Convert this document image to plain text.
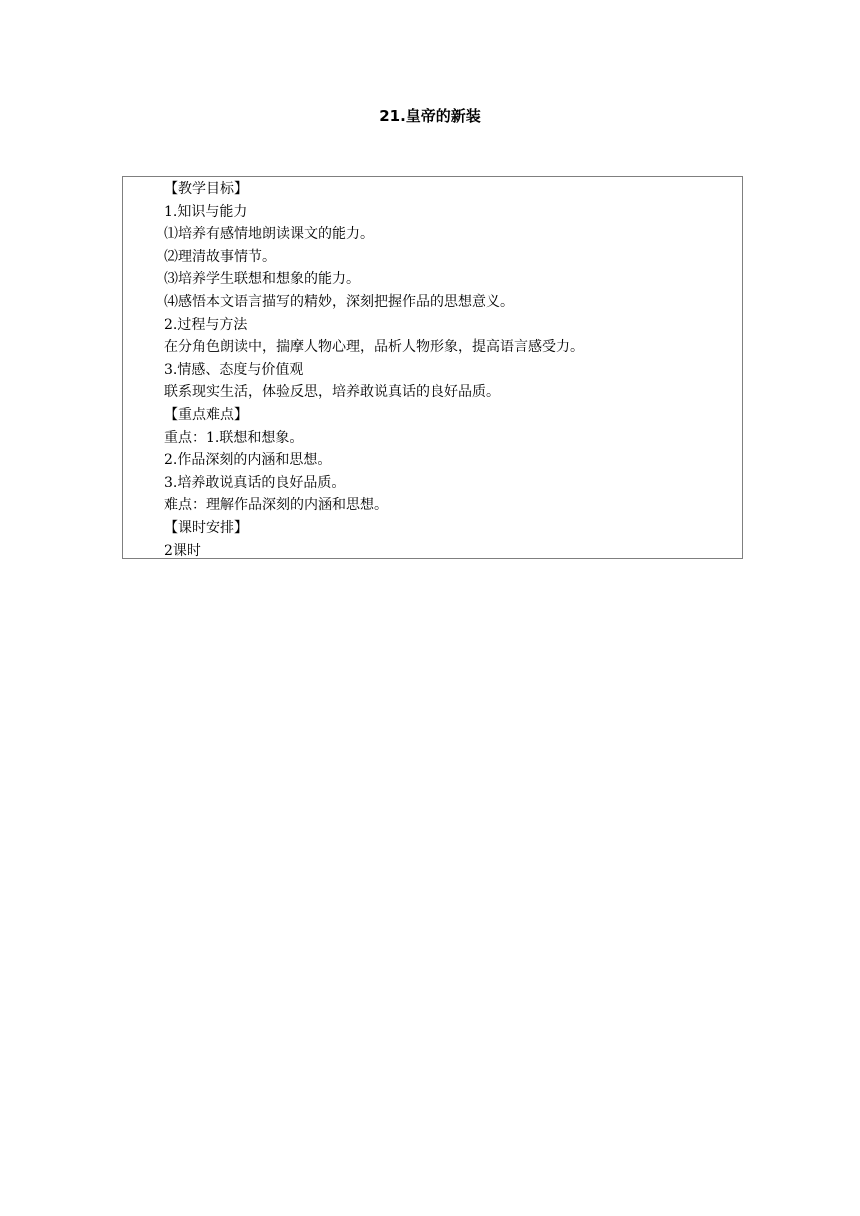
21.皇帝的新装
【教学目标】
1.知识与能力
⑴培养有感情地朗读课文的能力。
⑵理清故事情节。
⑶培养学生联想和想象的能力。
⑷感悟本文语言描写的精妙，深刻把握作品的思想意义。
2.过程与方法
在分角色朗读中，揣摩人物心理，品析人物形象，提高语言感受力。
3.情感、态度与价值观
联系现实生活，体验反思，培养敢说真话的良好品质。
【重点难点】
重点：1.联想和想象。
2.作品深刻的内涵和思想。
3.培养敢说真话的良好品质。
难点：理解作品深刻的内涵和思想。
【课时安排】
2课时
